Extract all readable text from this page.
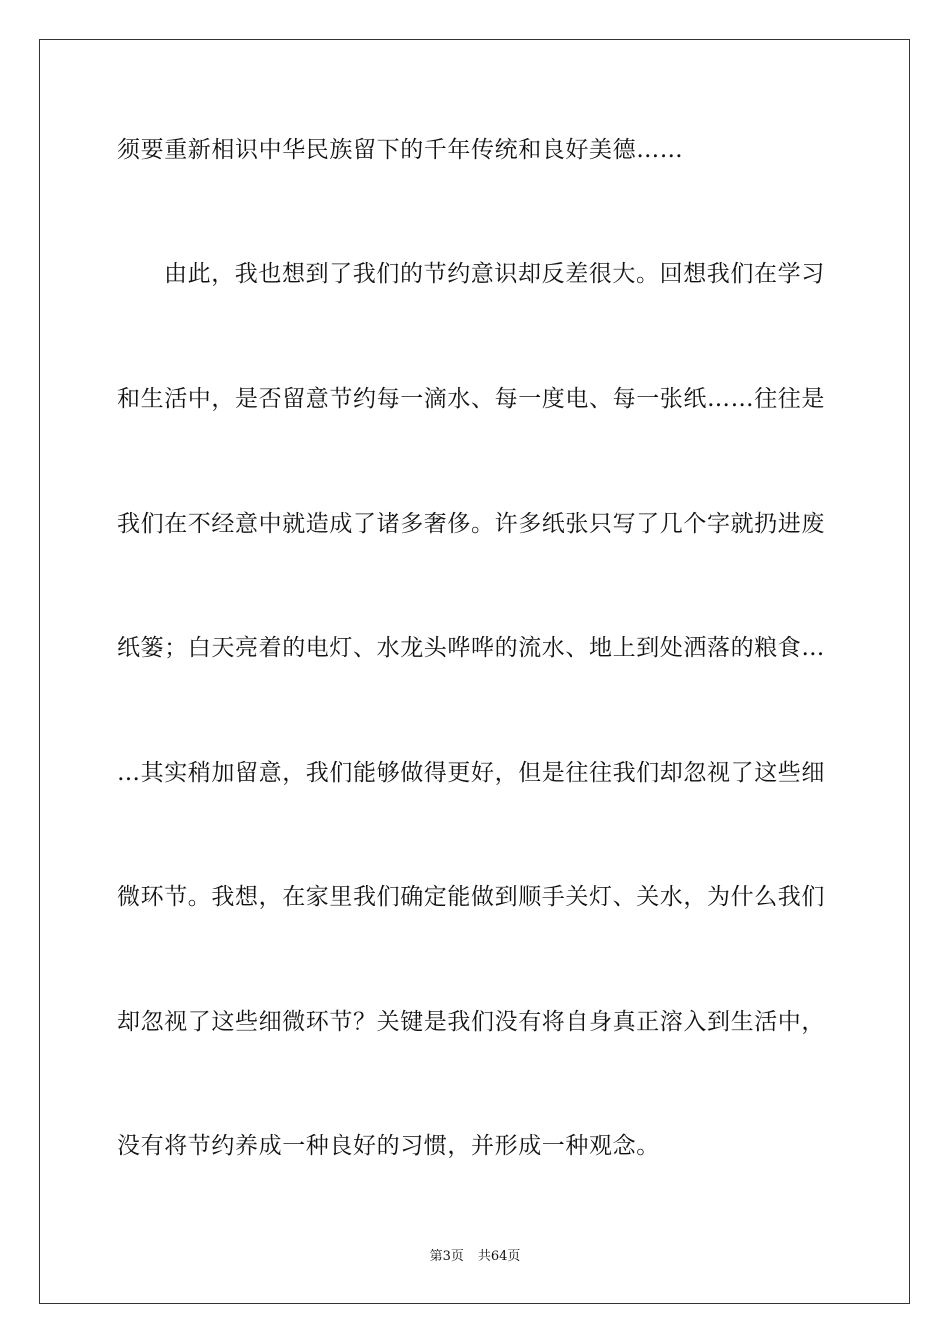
须要重新相识中华民族留下的千年传统和良好美德……
由此，我也想到了我们的节约意识却反差很大。回想我们在学习
和生活中，是否留意节约每一滴水、每一度电、每一张纸……往往是
我们在不经意中就造成了诸多奢侈。许多纸张只写了几个字就扔进废
纸篓；白天亮着的电灯、水龙头哗哗的流水、地上到处洒落的粮食…
…其实稍加留意，我们能够做得更好，但是往往我们却忽视了这些细
微环节。我想，在家里我们确定能做到顺手关灯、关水，为什么我们
却忽视了这些细微环节？关键是我们没有将自身真正溶入到生活中，
没有将节约养成一种良好的习惯，并形成一种观念。
第3页 共64页
